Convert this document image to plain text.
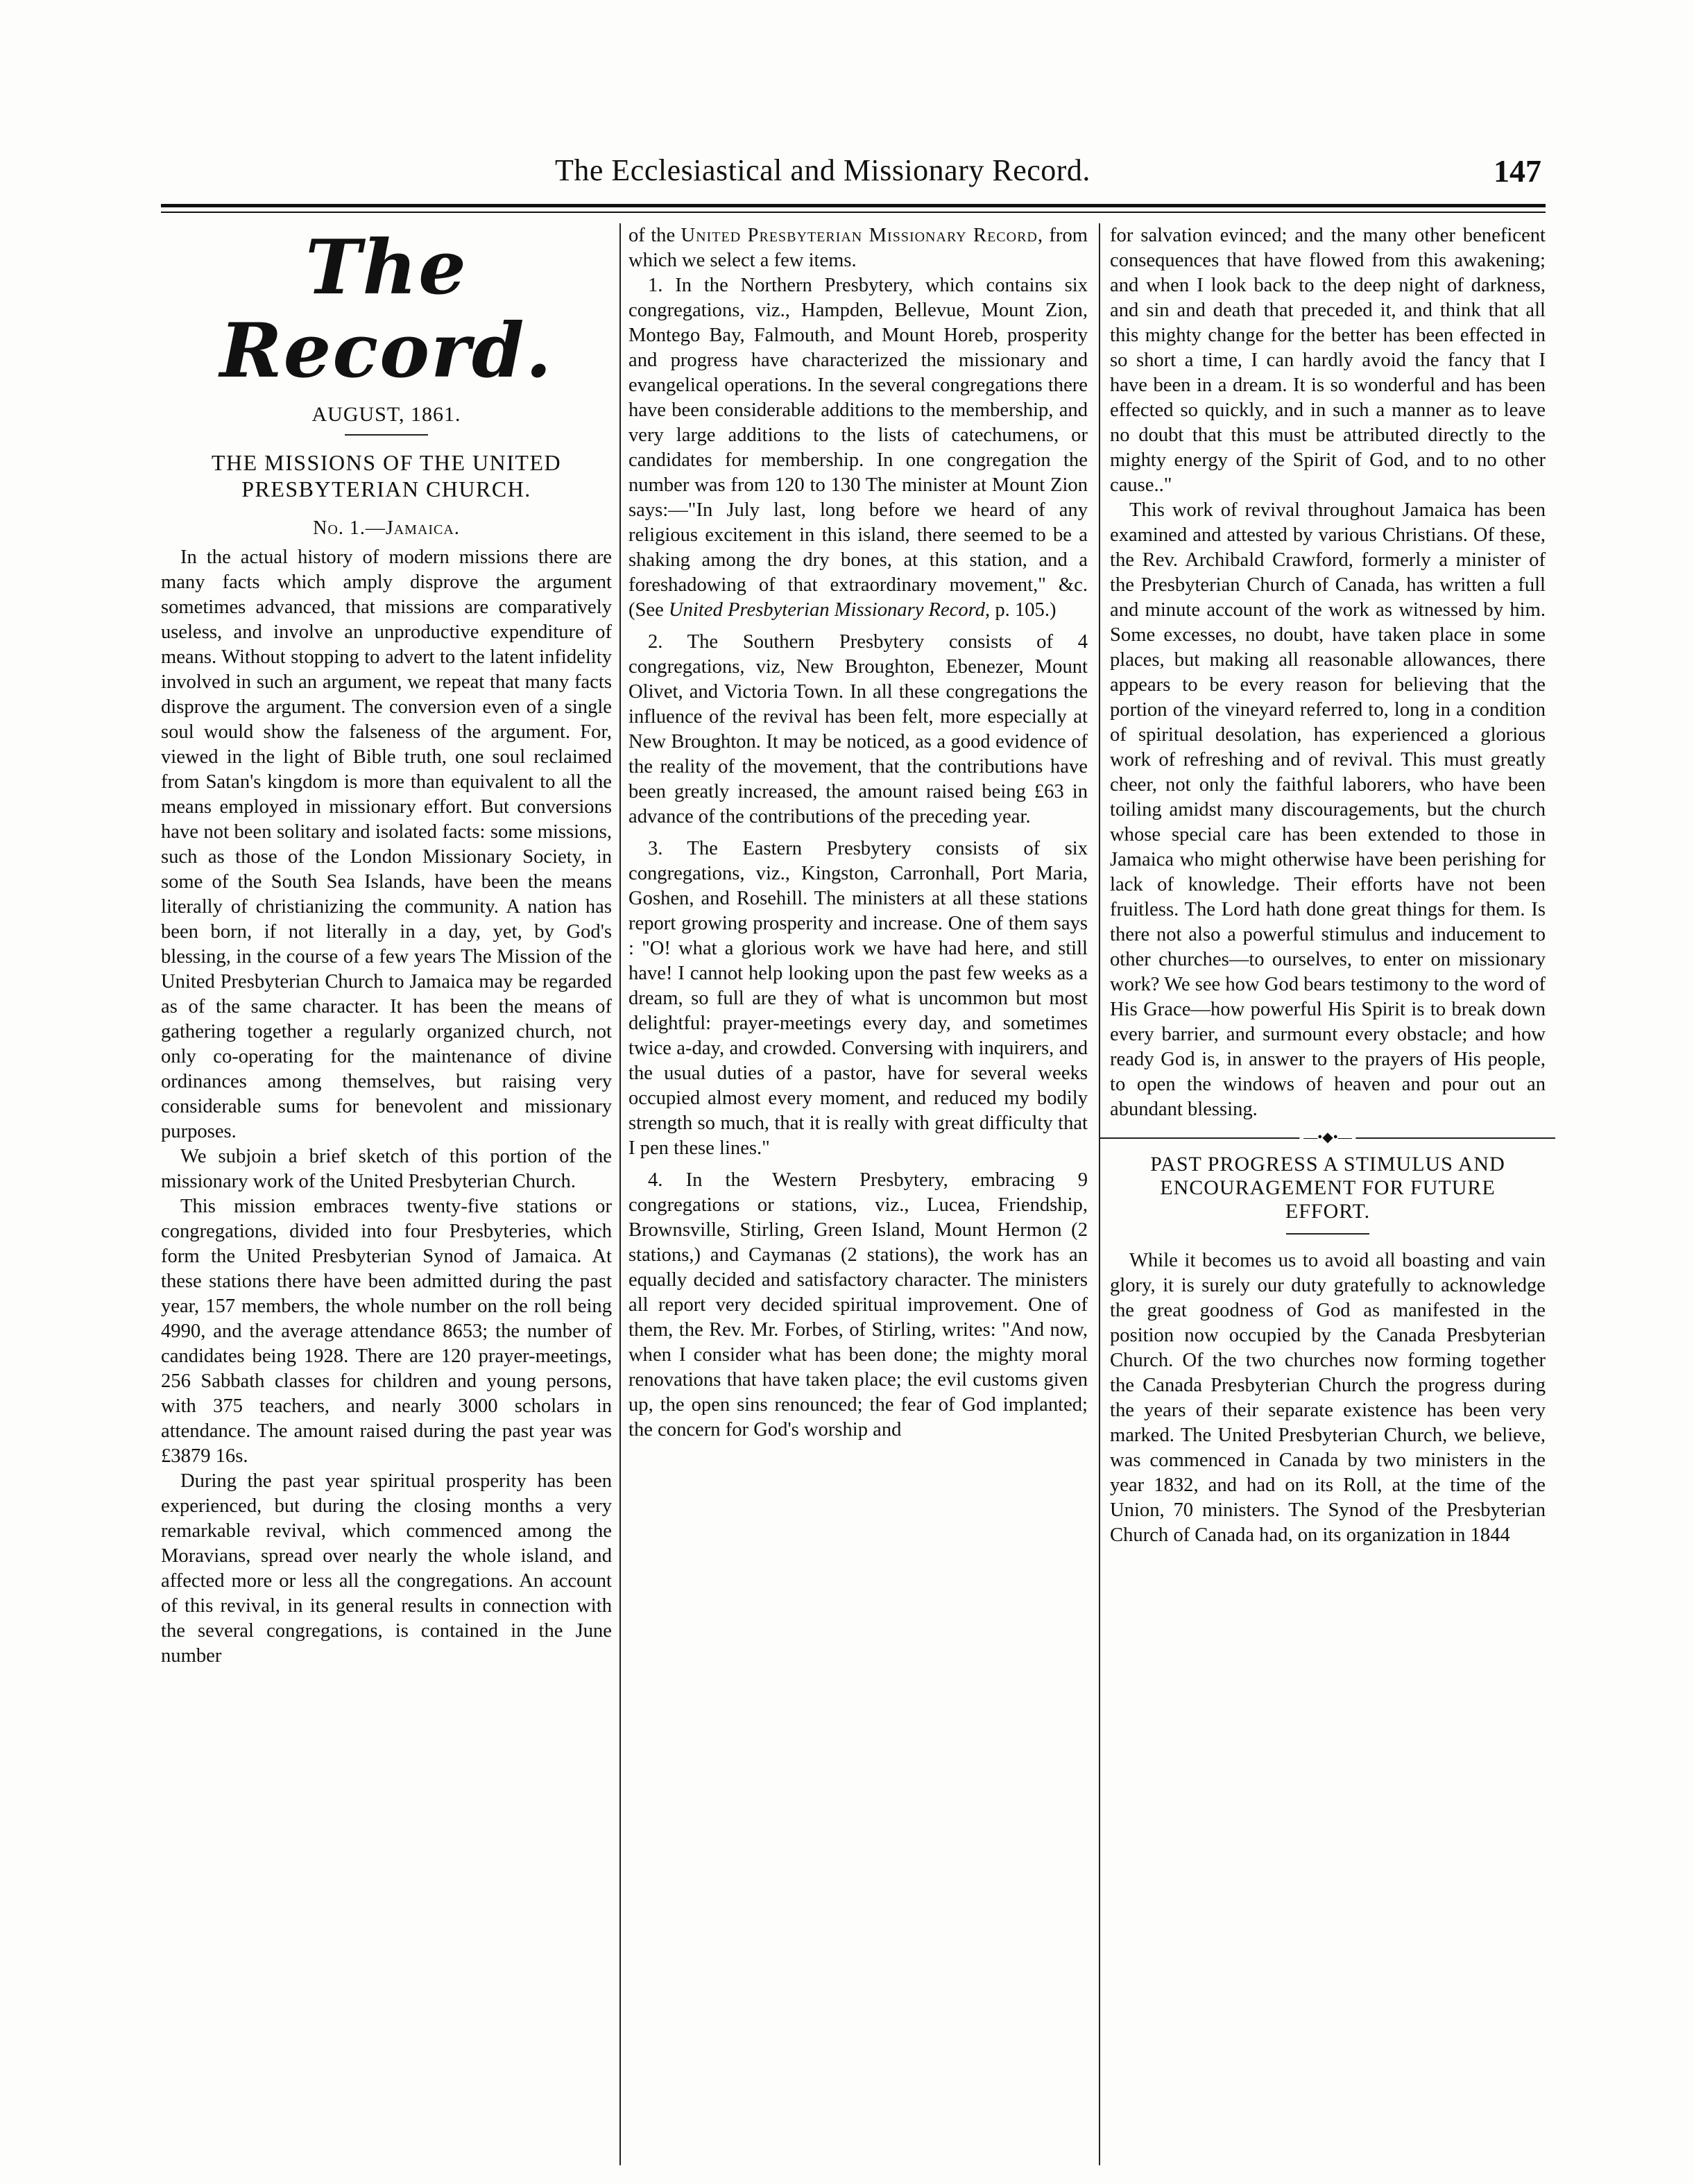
The Ecclesiastical and Missionary Record.	147
The Record.
AUGUST, 1861.
THE MISSIONS OF THE UNITED
PRESBYTERIAN CHURCH.
No. 1.—Jamaica.

In the actual history of modern missions there are many facts which amply disprove the argument sometimes advanced, that missions are comparatively useless, and involve an unproductive expenditure of means. Without stopping to advert to the latent infidelity involved in such an argument, we repeat that many facts disprove the argument. The conversion even of a single soul would show the falseness of the argument. For, viewed in the light of Bible truth, one soul reclaimed from Satan's kingdom is more than equivalent to all the means employed in missionary effort. But conversions have not been solitary and isolated facts: some missions, such as those of the London Missionary Society, in some of the South Sea Islands, have been the means literally of christianizing the community. A nation has been born, if not literally in a day, yet, by God's blessing, in the course of a few years The Mission of the United Presbyterian Church to Jamaica may be regarded as of the same character. It has been the means of gathering together a regularly organized church, not only co-operating for the maintenance of divine ordinances among themselves, but raising very considerable sums for benevolent and missionary purposes.

We subjoin a brief sketch of this portion of the missionary work of the United Presbyterian Church.

This mission embraces twenty-five stations or congregations, divided into four Presbyteries, which form the United Presbyterian Synod of Jamaica. At these stations there have been admitted during the past year, 157 members, the whole number on the roll being 4990, and the average attendance 8653; the number of candidates being 1928. There are 120 prayer-meetings, 256 Sabbath classes for children and young persons, with 375 teachers, and nearly 3000 scholars in attendance. The amount raised during the past year was £3879 16s.

During the past year spiritual prosperity has been experienced, but during the closing months a very remarkable revival, which commenced among the Moravians, spread over nearly the whole island, and affected more or less all the congregations. An account of this revival, in its general results in connection with the several congregations, is contained in the June number

of the United Presbyterian Missionary Record, from which we select a few items.

1. In the Northern Presbytery, which contains six congregations, viz., Hampden, Bellevue, Mount Zion, Montego Bay, Falmouth, and Mount Horeb, prosperity and progress have characterized the missionary and evangelical operations. In the several congregations there have been considerable additions to the membership, and very large additions to the lists of catechumens, or candidates for membership. In one congregation the number was from 120 to 130 The minister at Mount Zion says:—"In July last, long before we heard of any religious excitement in this island, there seemed to be a shaking among the dry bones, at this station, and a foreshadowing of that extraordinary movement," &c. (See United Presbyterian Missionary Record, p. 105.)

2. The Southern Presbytery consists of 4 congregations, viz, New Broughton, Ebenezer, Mount Olivet, and Victoria Town. In all these congregations the influence of the revival has been felt, more especially at New Broughton. It may be noticed, as a good evidence of the reality of the movement, that the contributions have been greatly increased, the amount raised being £63 in advance of the contributions of the preceding year.

3. The Eastern Presbytery consists of six congregations, viz., Kingston, Carronhall, Port Maria, Goshen, and Rosehill. The ministers at all these stations report growing prosperity and increase. One of them says : "O! what a glorious work we have had here, and still have! I cannot help looking upon the past few weeks as a dream, so full are they of what is uncommon but most delightful: prayer-meetings every day, and sometimes twice a-day, and crowded. Conversing with inquirers, and the usual duties of a pastor, have for several weeks occupied almost every moment, and reduced my bodily strength so much, that it is really with great difficulty that I pen these lines."

4. In the Western Presbytery, embracing 9 congregations or stations, viz., Lucea, Friendship, Brownsville, Stirling, Green Island, Mount Hermon (2 stations,) and Caymanas (2 stations), the work has an equally decided and satisfactory character. The ministers all report very decided spiritual improvement. One of them, the Rev. Mr. Forbes, of Stirling, writes: "And now, when I consider what has been done; the mighty moral renovations that have taken place; the evil customs given up, the open sins renounced; the fear of God implanted; the concern for God's worship and

for salvation evinced; and the many other beneficent consequences that have flowed from this awakening; and when I look back to the deep night of darkness, and sin and death that preceded it, and think that all this mighty change for the better has been effected in so short a time, I can hardly avoid the fancy that I have been in a dream. It is so wonderful and has been effected so quickly, and in such a manner as to leave no doubt that this must be attributed directly to the mighty energy of the Spirit of God, and to no other cause.."

This work of revival throughout Jamaica has been examined and attested by various Christians. Of these, the Rev. Archibald Crawford, formerly a minister of the Presbyterian Church of Canada, has written a full and minute account of the work as witnessed by him. Some excesses, no doubt, have taken place in some places, but making all reasonable allowances, there appears to be every reason for believing that the portion of the vineyard referred to, long in a condition of spiritual desolation, has experienced a glorious work of refreshing and of revival. This must greatly cheer, not only the faithful laborers, who have been toiling amidst many discouragements, but the church whose special care has been extended to those in Jamaica who might otherwise have been perishing for lack of knowledge. Their efforts have not been fruitless. The Lord hath done great things for them. Is there not also a powerful stimulus and inducement to other churches—to ourselves, to enter on missionary work? We see how God bears testimony to the word of His Grace—how powerful His Spirit is to break down every barrier, and surmount every obstacle; and how ready God is, in answer to the prayers of His people, to open the windows of heaven and pour out an abundant blessing.

—•◆•—
PAST PROGRESS A STIMULUS AND
ENCOURAGEMENT FOR FUTURE
EFFORT.

While it becomes us to avoid all boasting and vain glory, it is surely our duty gratefully to acknowledge the great goodness of God as manifested in the position now occupied by the Canada Presbyterian Church. Of the two churches now forming together the Canada Presbyterian Church the progress during the years of their separate existence has been very marked. The United Presbyterian Church, we believe, was commenced in Canada by two ministers in the year 1832, and had on its Roll, at the time of the Union, 70 ministers. The Synod of the Presbyterian Church of Canada had, on its organization in 1844
